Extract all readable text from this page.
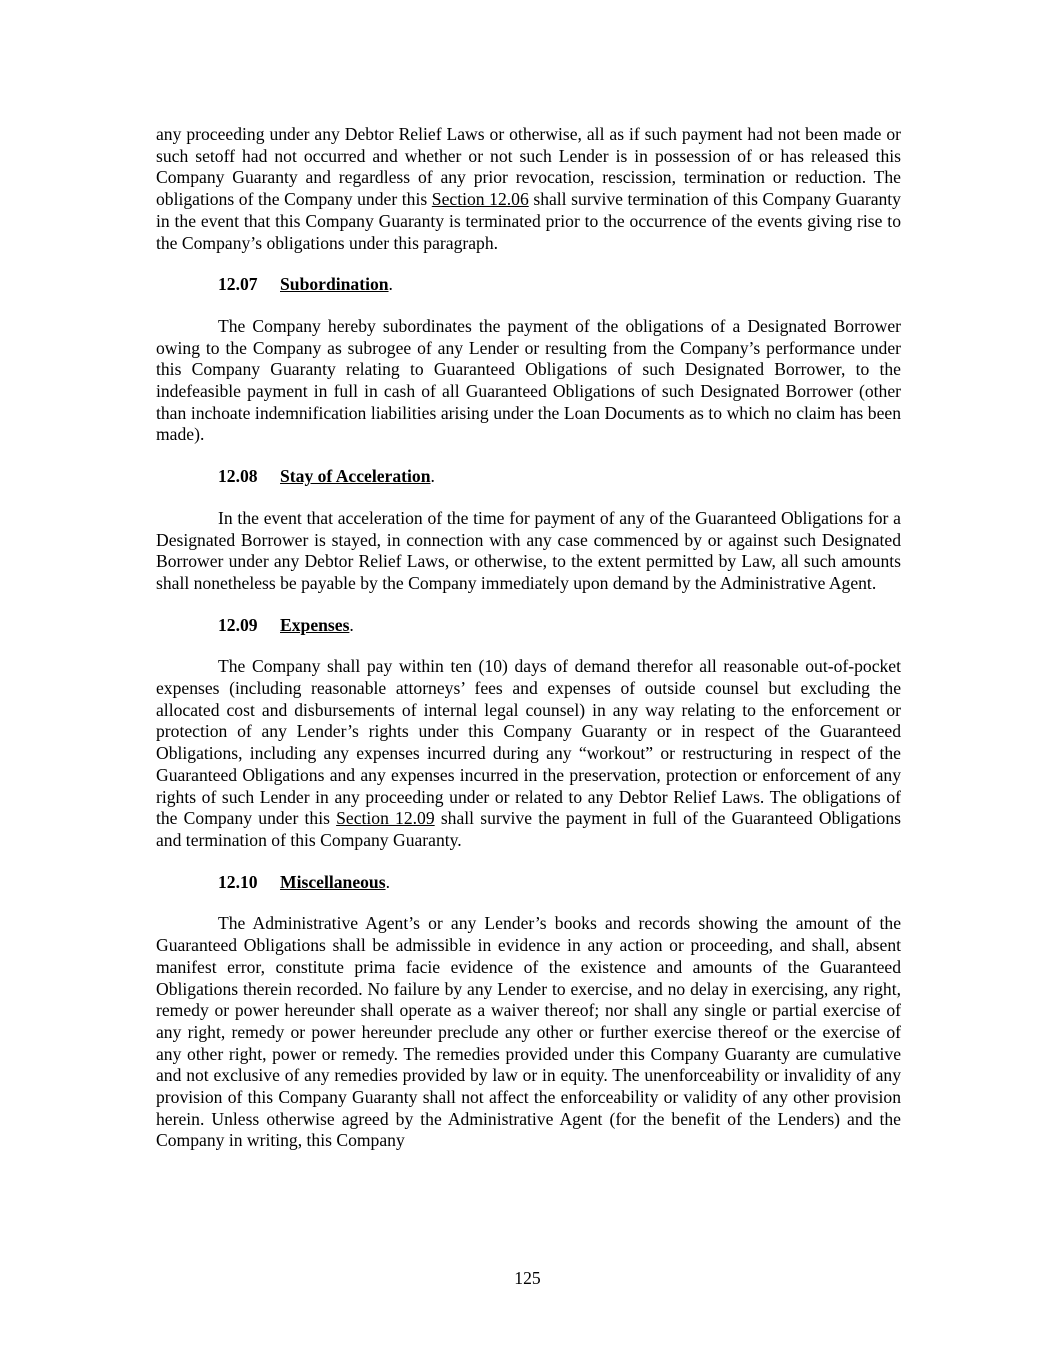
any proceeding under any Debtor Relief Laws or otherwise, all as if such payment had not been made or such setoff had not occurred and whether or not such Lender is in possession of or has released this Company Guaranty and regardless of any prior revocation, rescission, termination or reduction. The obligations of the Company under this Section 12.06 shall survive termination of this Company Guaranty in the event that this Company Guaranty is terminated prior to the occurrence of the events giving rise to the Company’s obligations under this paragraph.

12.07 Subordination.

The Company hereby subordinates the payment of the obligations of a Designated Borrower owing to the Company as subrogee of any Lender or resulting from the Company’s performance under this Company Guaranty relating to Guaranteed Obligations of such Designated Borrower, to the indefeasible payment in full in cash of all Guaranteed Obligations of such Designated Borrower (other than inchoate indemnification liabilities arising under the Loan Documents as to which no claim has been made).

12.08 Stay of Acceleration.

In the event that acceleration of the time for payment of any of the Guaranteed Obligations for a Designated Borrower is stayed, in connection with any case commenced by or against such Designated Borrower under any Debtor Relief Laws, or otherwise, to the extent permitted by Law, all such amounts shall nonetheless be payable by the Company immediately upon demand by the Administrative Agent.

12.09 Expenses.

The Company shall pay within ten (10) days of demand therefor all reasonable out-of-pocket expenses (including reasonable attorneys’ fees and expenses of outside counsel but excluding the allocated cost and disbursements of internal legal counsel) in any way relating to the enforcement or protection of any Lender’s rights under this Company Guaranty or in respect of the Guaranteed Obligations, including any expenses incurred during any “workout” or restructuring in respect of the Guaranteed Obligations and any expenses incurred in the preservation, protection or enforcement of any rights of such Lender in any proceeding under or related to any Debtor Relief Laws. The obligations of the Company under this Section 12.09 shall survive the payment in full of the Guaranteed Obligations and termination of this Company Guaranty.

12.10 Miscellaneous.

The Administrative Agent’s or any Lender’s books and records showing the amount of the Guaranteed Obligations shall be admissible in evidence in any action or proceeding, and shall, absent manifest error, constitute prima facie evidence of the existence and amounts of the Guaranteed Obligations therein recorded. No failure by any Lender to exercise, and no delay in exercising, any right, remedy or power hereunder shall operate as a waiver thereof; nor shall any single or partial exercise of any right, remedy or power hereunder preclude any other or further exercise thereof or the exercise of any other right, power or remedy. The remedies provided under this Company Guaranty are cumulative and not exclusive of any remedies provided by law or in equity. The unenforceability or invalidity of any provision of this Company Guaranty shall not affect the enforceability or validity of any other provision herein. Unless otherwise agreed by the Administrative Agent (for the benefit of the Lenders) and the Company in writing, this Company

125
